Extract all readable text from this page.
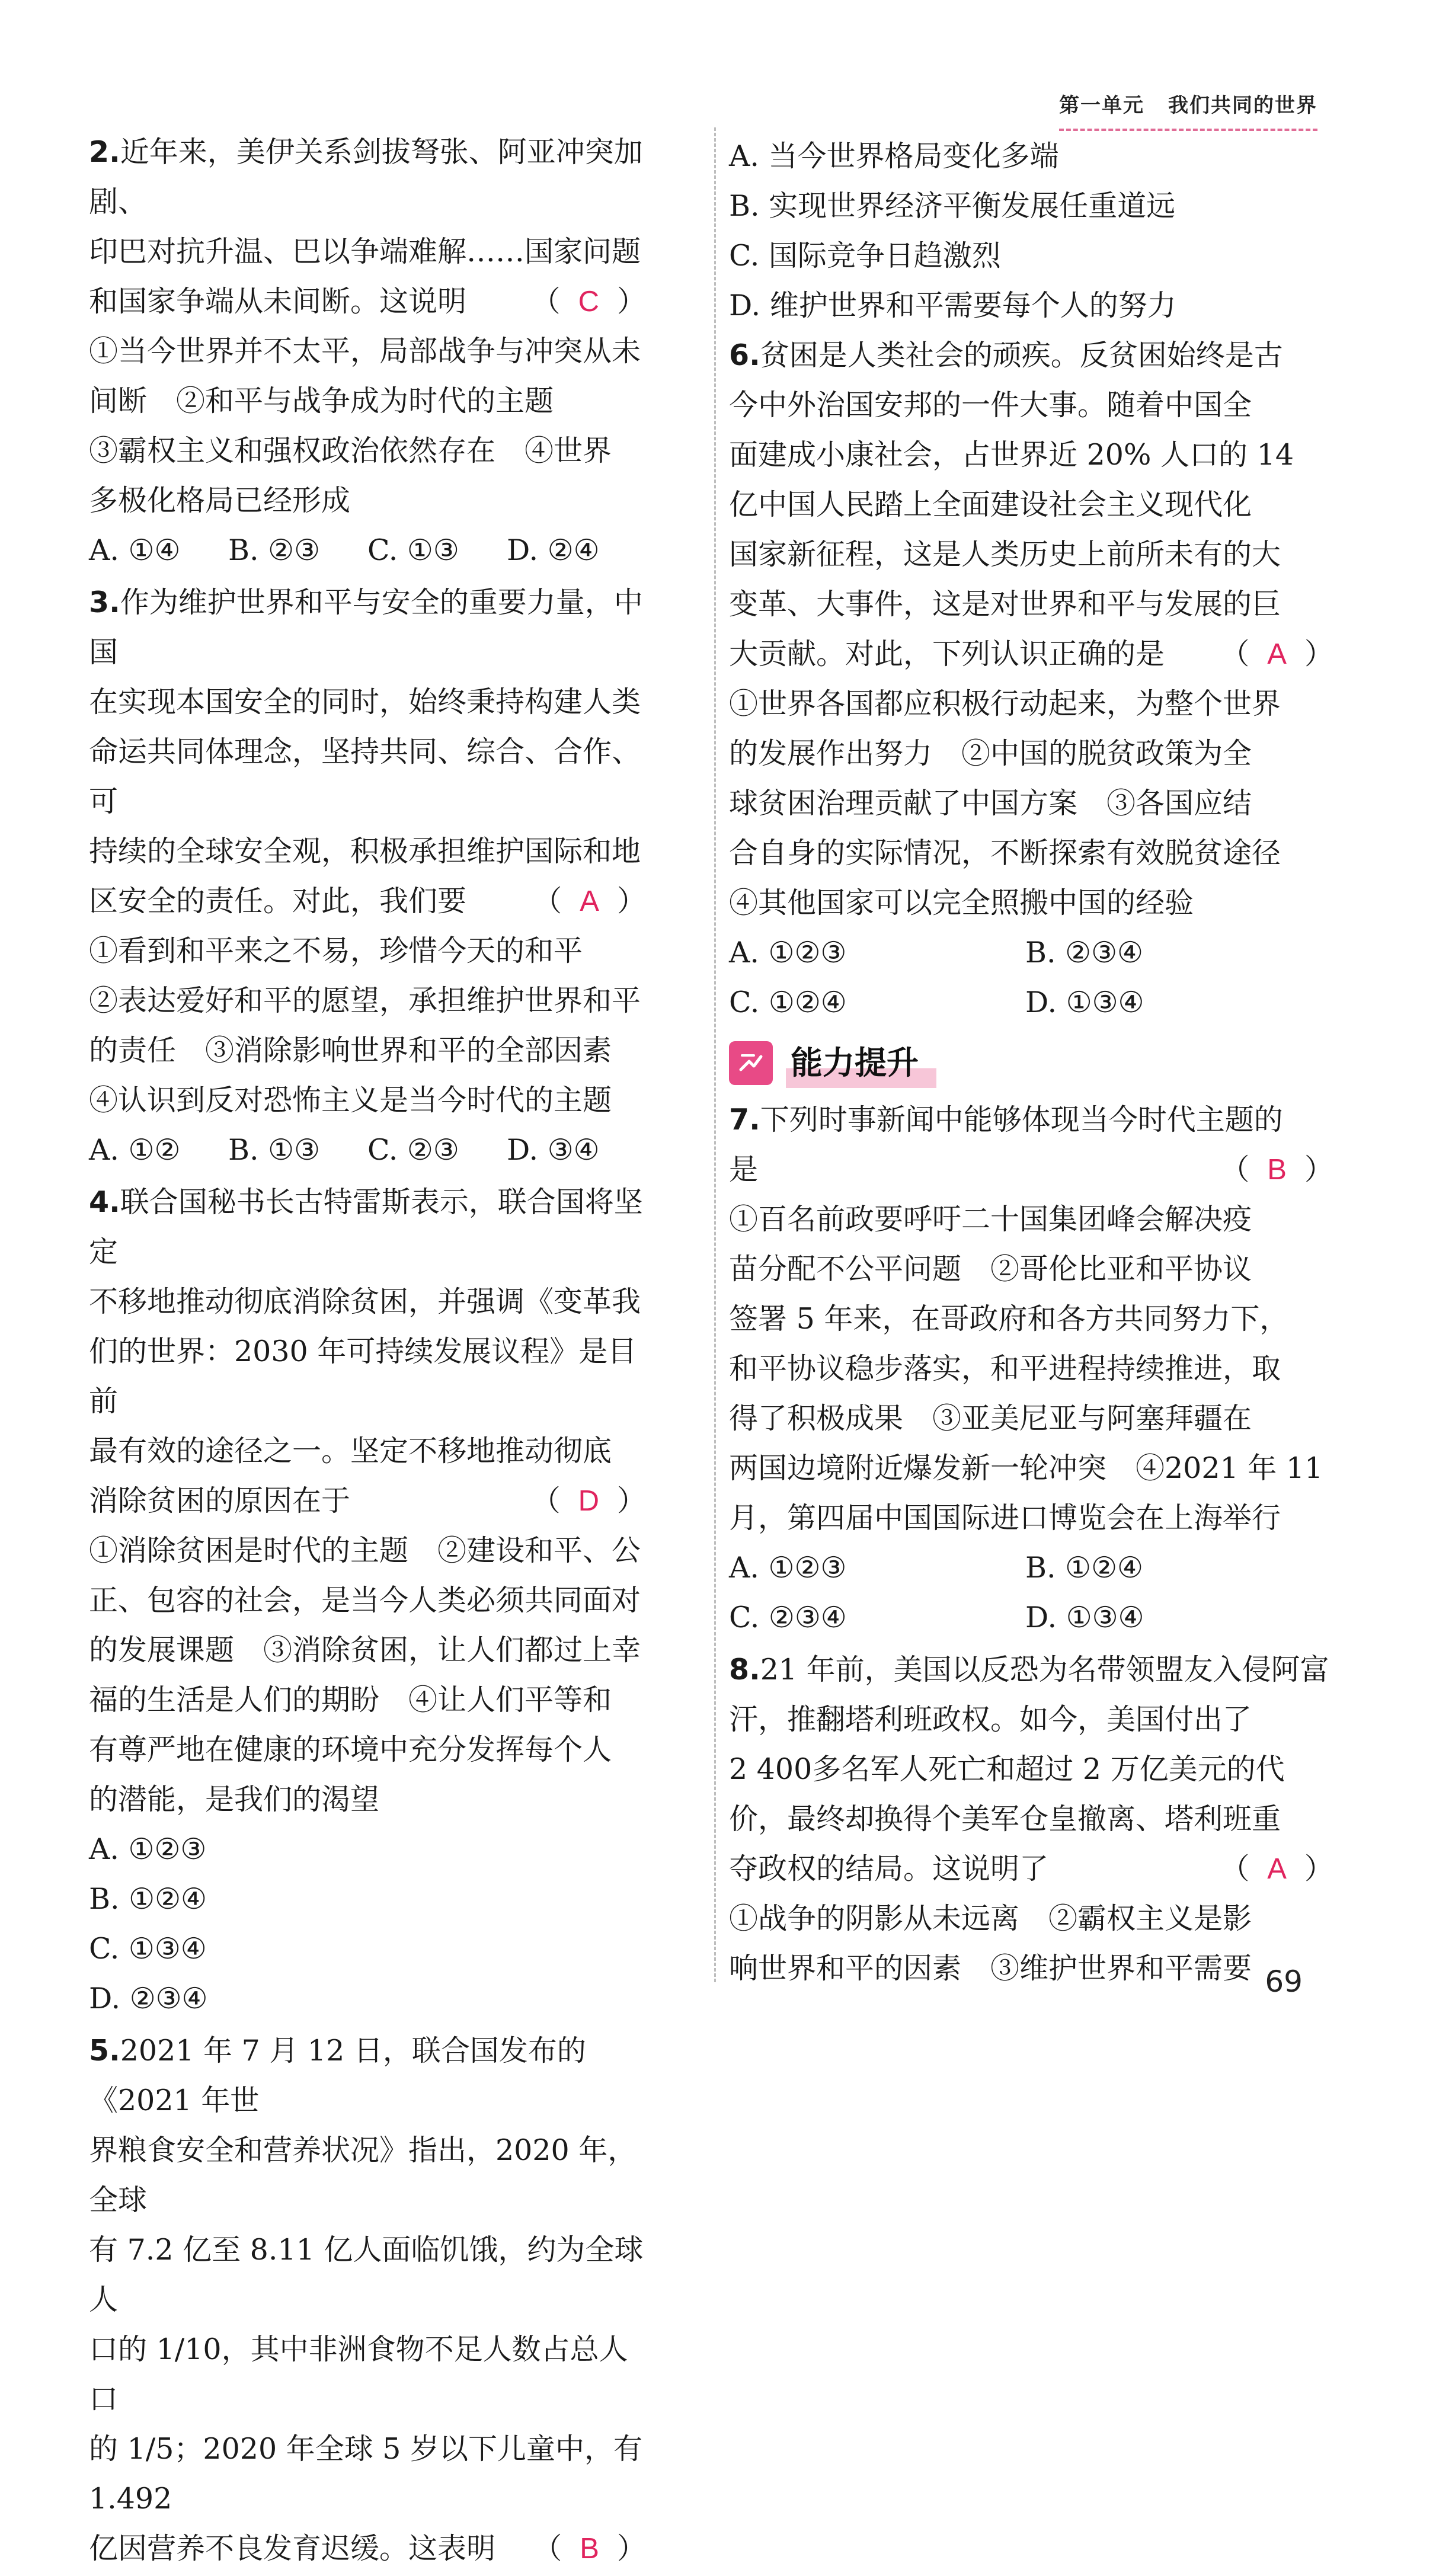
第一单元 我们共同的世界
2.近年来，美伊关系剑拔弩张、阿亚冲突加剧、
印巴对抗升温、巴以争端难解……国家问题
和国家争端从未间断。这说明 （ C ）
①当今世界并不太平，局部战争与冲突从未
间断　②和平与战争成为时代的主题
③霸权主义和强权政治依然存在　④世界
多极化格局已经形成
A. ①④ B. ②③ C. ①③ D. ②④
3.作为维护世界和平与安全的重要力量，中国
在实现本国安全的同时，始终秉持构建人类
命运共同体理念，坚持共同、综合、合作、可
持续的全球安全观，积极承担维护国际和地
区安全的责任。对此，我们要 （ A ）
①看到和平来之不易，珍惜今天的和平
②表达爱好和平的愿望，承担维护世界和平
的责任　③消除影响世界和平的全部因素
④认识到反对恐怖主义是当今时代的主题
A. ①② B. ①③ C. ②③ D. ③④
4.联合国秘书长古特雷斯表示，联合国将坚定
不移地推动彻底消除贫困，并强调《变革我
们的世界：2030 年可持续发展议程》是目前
最有效的途径之一。坚定不移地推动彻底
消除贫困的原因在于	（ D ）
①消除贫困是时代的主题　②建设和平、公
正、包容的社会，是当今人类必须共同面对
的发展课题　③消除贫困，让人们都过上幸
福的生活是人们的期盼　④让人们平等和
有尊严地在健康的环境中充分发挥每个人
的潜能，是我们的渴望
A. ①②③B. ①②④
C. ①③④D. ②③④
5.2021 年 7 月 12 日，联合国发布的《2021 年世
界粮食安全和营养状况》指出，2020 年，全球
有 7.2 亿至 8.11 亿人面临饥饿，约为全球人
口的 1/10，其中非洲食物不足人数占总人口
的 1/5；2020 年全球 5 岁以下儿童中，有1.492
亿因营养不良发育迟缓。这表明 （ B ）
A. 当今世界格局变化多端
B. 实现世界经济平衡发展任重道远
C. 国际竞争日趋激烈
D. 维护世界和平需要每个人的努力
6.贫困是人类社会的顽疾。反贫困始终是古
今中外治国安邦的一件大事。随着中国全
面建成小康社会，占世界近 20% 人口的 14
亿中国人民踏上全面建设社会主义现代化
国家新征程，这是人类历史上前所未有的大
变革、大事件，这是对世界和平与发展的巨
大贡献。对此，下列认识正确的是 （ A ）
①世界各国都应积极行动起来，为整个世界
的发展作出努力　②中国的脱贫政策为全
球贫困治理贡献了中国方案　③各国应结
合自身的实际情况，不断探索有效脱贫途径
④其他国家可以完全照搬中国的经验
A. ①②③	B. ②③④
C. ①②④	D. ①③④
能力提升
7.下列时事新闻中能够体现当今时代主题的
是	（ B ）
①百名前政要呼吁二十国集团峰会解决疫
苗分配不公平问题　②哥伦比亚和平协议
签署 5 年来，在哥政府和各方共同努力下，
和平协议稳步落实，和平进程持续推进，取
得了积极成果　③亚美尼亚与阿塞拜疆在
两国边境附近爆发新一轮冲突　④2021 年 11
月，第四届中国国际进口博览会在上海举行
A. ①②③	B. ①②④
C. ②③④	D. ①③④
8.21 年前，美国以反恐为名带领盟友入侵阿富
汗，推翻塔利班政权。如今，美国付出了
2 400多名军人死亡和超过 2 万亿美元的代
价，最终却换得个美军仓皇撤离、塔利班重
夺政权的结局。这说明了	（ A ）
①战争的阴影从未远离　②霸权主义是影
响世界和平的因素　③维护世界和平需要 69
